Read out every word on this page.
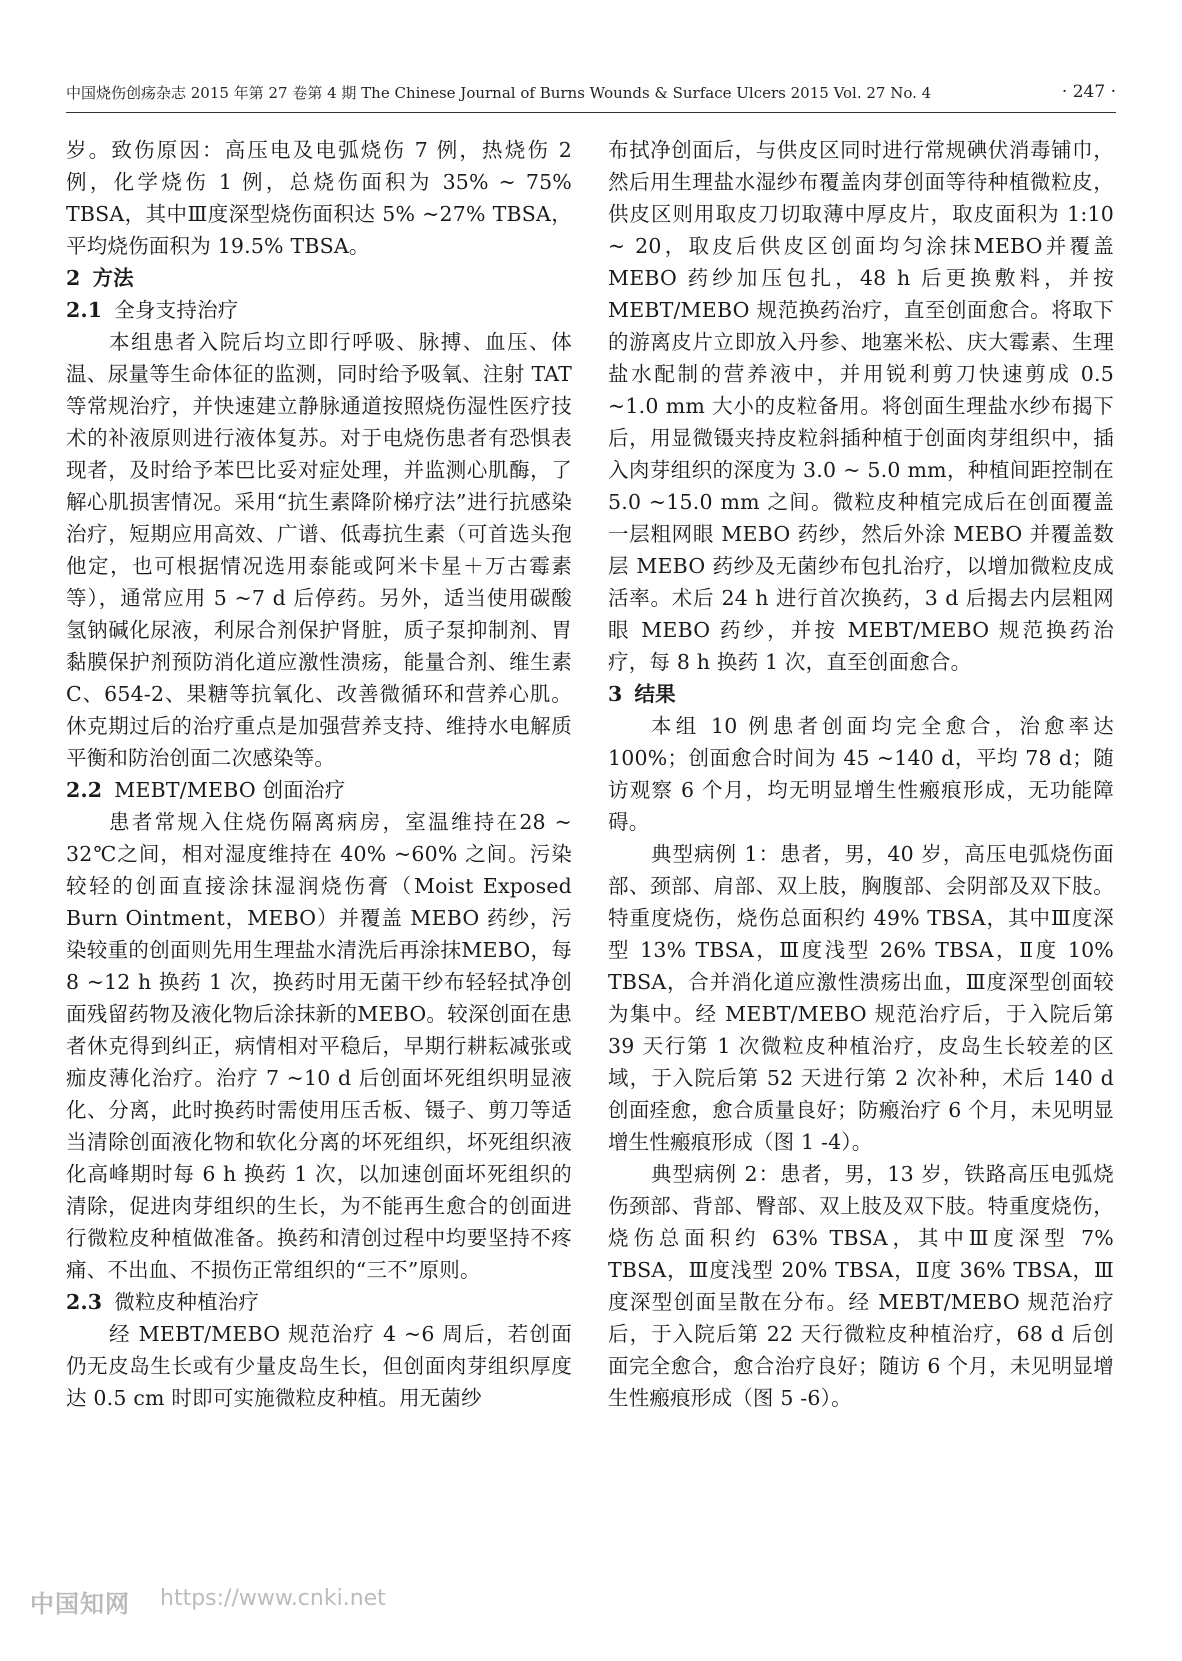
中国烧伤创疡杂志 2015 年第 27 卷第 4 期 The Chinese Journal of Burns Wounds & Surface Ulcers 2015 Vol. 27 No. 4	· 247 ·

岁。致伤原因：高压电及电弧烧伤 7 例，热烧伤 2 例，化学烧伤 1 例，总烧伤面积为 35% ~ 75% TBSA，其中Ⅲ度深型烧伤面积达 5% ~27% TBSA，平均烧伤面积为 19.5% TBSA。

2 方法

2.1 全身支持治疗

本组患者入院后均立即行呼吸、脉搏、血压、体温、尿量等生命体征的监测，同时给予吸氧、注射 TAT 等常规治疗，并快速建立静脉通道按照烧伤湿性医疗技术的补液原则进行液体复苏。对于电烧伤患者有恐惧表现者，及时给予苯巴比妥对症处理，并监测心肌酶，了解心肌损害情况。采用“抗生素降阶梯疗法”进行抗感染治疗，短期应用高效、广谱、低毒抗生素（可首选头孢他定，也可根据情况选用泰能或阿米卡星＋万古霉素等），通常应用 5 ~7 d 后停药。另外，适当使用碳酸氢钠碱化尿液，利尿合剂保护肾脏，质子泵抑制剂、胃黏膜保护剂预防消化道应激性溃疡，能量合剂、维生素 C、654-2、果糖等抗氧化、改善微循环和营养心肌。休克期过后的治疗重点是加强营养支持、维持水电解质平衡和防治创面二次感染等。

2.2 MEBT/MEBO 创面治疗

患者常规入住烧伤隔离病房，室温维持在28 ~ 32℃之间，相对湿度维持在 40% ~60% 之间。污染较轻的创面直接涂抹湿润烧伤膏（Moist Exposed Burn Ointment，MEBO）并覆盖 MEBO 药纱，污染较重的创面则先用生理盐水清洗后再涂抹MEBO，每 8 ~12 h 换药 1 次，换药时用无菌干纱布轻轻拭净创面残留药物及液化物后涂抹新的MEBO。较深创面在患者休克得到纠正，病情相对平稳后，早期行耕耘减张或痂皮薄化治疗。治疗 7 ~10 d 后创面坏死组织明显液化、分离，此时换药时需使用压舌板、镊子、剪刀等适当清除创面液化物和软化分离的坏死组织，坏死组织液化高峰期时每 6 h 换药 1 次，以加速创面坏死组织的清除，促进肉芽组织的生长，为不能再生愈合的创面进行微粒皮种植做准备。换药和清创过程中均要坚持不疼痛、不出血、不损伤正常组织的“三不”原则。

2.3 微粒皮种植治疗

经 MEBT/MEBO 规范治疗 4 ~6 周后，若创面仍无皮岛生长或有少量皮岛生长，但创面肉芽组织厚度达 0.5 cm 时即可实施微粒皮种植。用无菌纱

布拭净创面后，与供皮区同时进行常规碘伏消毒铺巾，然后用生理盐水湿纱布覆盖肉芽创面等待种植微粒皮，供皮区则用取皮刀切取薄中厚皮片，取皮面积为 1:10 ~ 20，取皮后供皮区创面均匀涂抹MEBO并覆盖 MEBO 药纱加压包扎，48 h 后更换敷料，并按 MEBT/MEBO 规范换药治疗，直至创面愈合。将取下的游离皮片立即放入丹参、地塞米松、庆大霉素、生理盐水配制的营养液中，并用锐利剪刀快速剪成 0.5 ~1.0 mm 大小的皮粒备用。将创面生理盐水纱布揭下后，用显微镊夹持皮粒斜插种植于创面肉芽组织中，插入肉芽组织的深度为 3.0 ~ 5.0 mm，种植间距控制在 5.0 ~15.0 mm 之间。微粒皮种植完成后在创面覆盖一层粗网眼 MEBO 药纱，然后外涂 MEBO 并覆盖数层 MEBO 药纱及无菌纱布包扎治疗，以增加微粒皮成活率。术后 24 h 进行首次换药，3 d 后揭去内层粗网眼 MEBO 药纱，并按 MEBT/MEBO 规范换药治疗，每 8 h 换药 1 次，直至创面愈合。

3 结果

本组 10 例患者创面均完全愈合，治愈率达 100%；创面愈合时间为 45 ~140 d，平均 78 d；随访观察 6 个月，均无明显增生性瘢痕形成，无功能障碍。

典型病例 1：患者，男，40 岁，高压电弧烧伤面部、颈部、肩部、双上肢，胸腹部、会阴部及双下肢。特重度烧伤，烧伤总面积约 49% TBSA，其中Ⅲ度深型 13% TBSA，Ⅲ度浅型 26% TBSA，Ⅱ度 10% TBSA，合并消化道应激性溃疡出血，Ⅲ度深型创面较为集中。经 MEBT/MEBO 规范治疗后，于入院后第 39 天行第 1 次微粒皮种植治疗，皮岛生长较差的区域，于入院后第 52 天进行第 2 次补种，术后 140 d 创面痊愈，愈合质量良好；防瘢治疗 6 个月，未见明显增生性瘢痕形成（图 1 -4）。

典型病例 2：患者，男，13 岁，铁路高压电弧烧伤颈部、背部、臀部、双上肢及双下肢。特重度烧伤，烧伤总面积约 63% TBSA，其中Ⅲ度深型 7% TBSA，Ⅲ度浅型 20% TBSA，Ⅱ度 36% TBSA，Ⅲ度深型创面呈散在分布。经 MEBT/MEBO 规范治疗后，于入院后第 22 天行微粒皮种植治疗，68 d 后创面完全愈合，愈合治疗良好；随访 6 个月，未见明显增生性瘢痕形成（图 5 -6）。

中国知网 https://www.cnki.net
